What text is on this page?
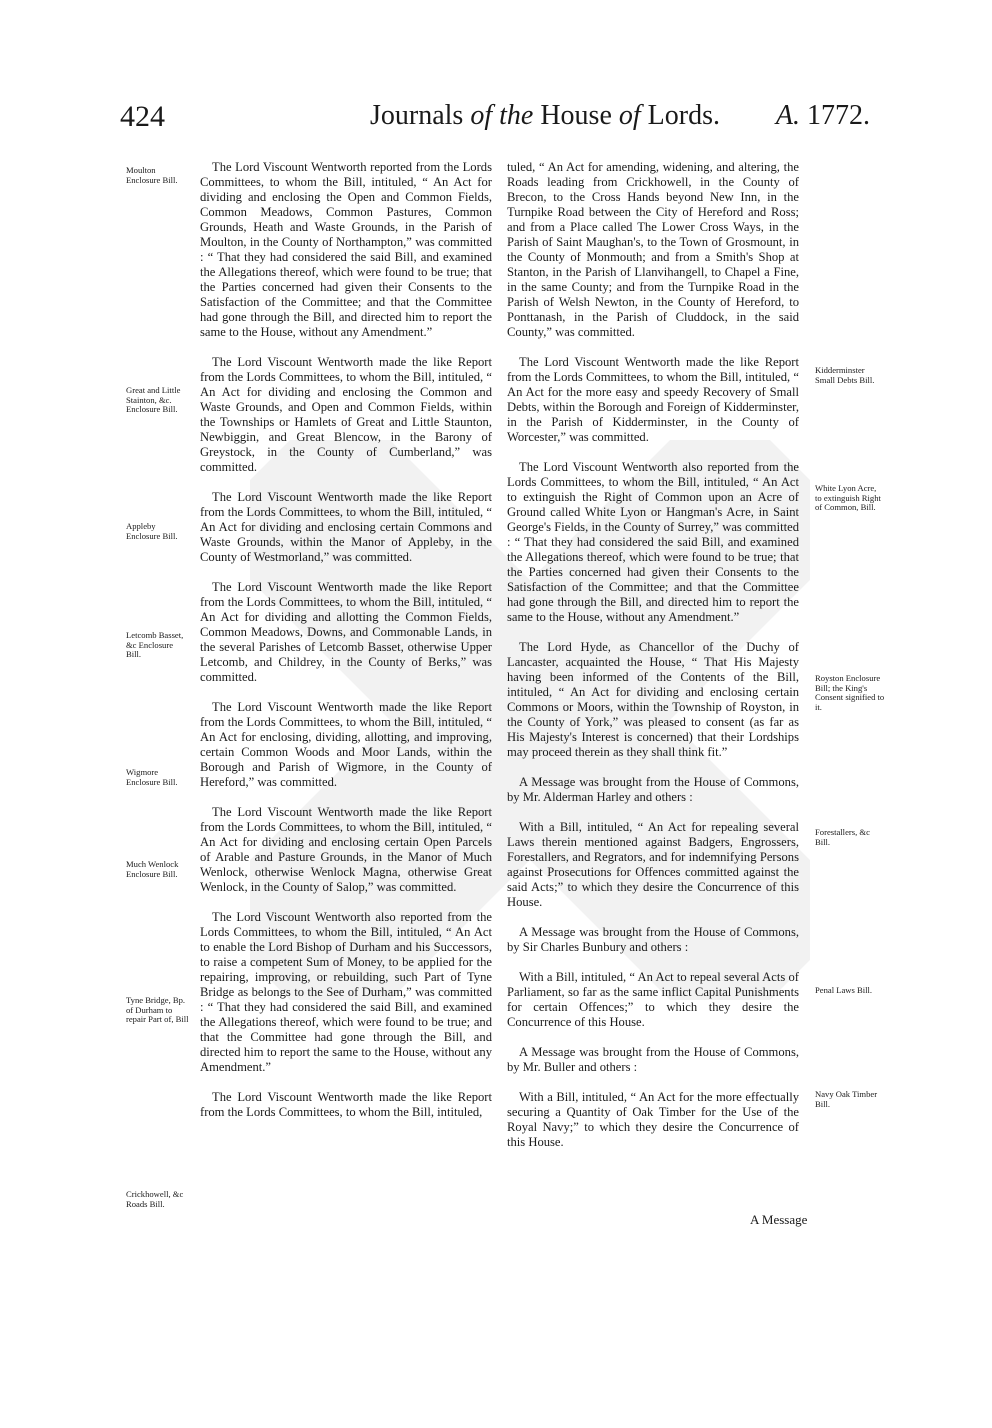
424	Journals of the House of Lords. A. 1772.
Moulton Enclosure Bill.
Great and Little Stainton, &c. Enclosure Bill.
Appleby Enclosure Bill.
Letcomb Basset, &c Enclosure Bill.
Wigmore Enclosure Bill.
Much Wenlock Enclosure Bill.
Tyne Bridge, Bp. of Durham to repair Part of, Bill
Crickhowell, &c Roads Bill.
Kidderminster Small Debts Bill.
White Lyon Acre, to extinguish Right of Common, Bill.
Royston Enclosure Bill; the King's Consent signified to it.
Forestallers, &c Bill.
Penal Laws Bill.
Navy Oak Timber Bill.

The Lord Viscount Wentworth reported from the Lords Committees, to whom the Bill, intituled, “ An Act for dividing and enclosing the Open and Common Fields, Common Meadows, Common Pastures, Common Grounds, Heath and Waste Grounds, in the Parish of Moulton, in the County of Northampton,” was committed : “ That they had considered the said Bill, and examined the Allegations thereof, which were found to be true; that the Parties concerned had given their Consents to the Satisfaction of the Committee; and that the Committee had gone through the Bill, and directed him to report the same to the House, without any Amendment.”

The Lord Viscount Wentworth made the like Report from the Lords Committees, to whom the Bill, intituled, “ An Act for dividing and enclosing the Common and Waste Grounds, and Open and Common Fields, within the Townships or Hamlets of Great and Little Staunton, Newbiggin, and Great Blencow, in the Barony of Greystock, in the County of Cumberland,” was committed.

The Lord Viscount Wentworth made the like Report from the Lords Committees, to whom the Bill, intituled, “ An Act for dividing and enclosing certain Commons and Waste Grounds, within the Manor of Appleby, in the County of Westmorland,” was committed.

The Lord Viscount Wentworth made the like Report from the Lords Committees, to whom the Bill, intituled, “ An Act for dividing and allotting the Common Fields, Common Meadows, Downs, and Commonable Lands, in the several Parishes of Letcomb Basset, otherwise Upper Letcomb, and Childrey, in the County of Berks,” was committed.

The Lord Viscount Wentworth made the like Report from the Lords Committees, to whom the Bill, intituled, “ An Act for enclosing, dividing, allotting, and improving, certain Common Woods and Moor Lands, within the Borough and Parish of Wigmore, in the County of Hereford,” was committed.

The Lord Viscount Wentworth made the like Report from the Lords Committees, to whom the Bill, intituled, “ An Act for dividing and enclosing certain Open Parcels of Arable and Pasture Grounds, in the Manor of Much Wenlock, otherwise Wenlock Magna, otherwise Great Wenlock, in the County of Salop,” was committed.

The Lord Viscount Wentworth also reported from the Lords Committees, to whom the Bill, intituled, “ An Act to enable the Lord Bishop of Durham and his Successors, to raise a competent Sum of Money, to be applied for the repairing, improving, or rebuilding, such Part of Tyne Bridge as belongs to the See of Durham,” was committed : “ That they had considered the said Bill, and examined the Allegations thereof, which were found to be true; and that the Committee had gone through the Bill, and directed him to report the same to the House, without any Amendment.”

The Lord Viscount Wentworth made the like Report from the Lords Committees, to whom the Bill, intituled,

tuled, “ An Act for amending, widening, and altering, the Roads leading from Crickhowell, in the County of Brecon, to the Cross Hands beyond New Inn, in the Turnpike Road between the City of Hereford and Ross; and from a Place called The Lower Cross Ways, in the Parish of Saint Maughan's, to the Town of Grosmount, in the County of Monmouth; and from a Smith's Shop at Stanton, in the Parish of Llanvihangell, to Chapel a Fine, in the same County; and from the Turnpike Road in the Parish of Welsh Newton, in the County of Hereford, to Ponttanash, in the Parish of Cluddock, in the said County,” was committed.

The Lord Viscount Wentworth made the like Report from the Lords Committees, to whom the Bill, intituled, “ An Act for the more easy and speedy Recovery of Small Debts, within the Borough and Foreign of Kidderminster, in the Parish of Kidderminster, in the County of Worcester,” was committed.

The Lord Viscount Wentworth also reported from the Lords Committees, to whom the Bill, intituled, “ An Act to extinguish the Right of Common upon an Acre of Ground called White Lyon or Hangman's Acre, in Saint George's Fields, in the County of Surrey,” was committed : “ That they had considered the said Bill, and examined the Allegations thereof, which were found to be true; that the Parties concerned had given their Consents to the Satisfaction of the Committee; and that the Committee had gone through the Bill, and directed him to report the same to the House, without any Amendment.”

The Lord Hyde, as Chancellor of the Duchy of Lancaster, acquainted the House, “ That His Majesty having been informed of the Contents of the Bill, intituled, “ An Act for dividing and enclosing certain Commons or Moors, within the Township of Royston, in the County of York,” was pleased to consent (as far as His Majesty's Interest is concerned) that their Lordships may proceed therein as they shall think fit.”

A Message was brought from the House of Commons, by Mr. Alderman Harley and others :

With a Bill, intituled, “ An Act for repealing several Laws therein mentioned against Badgers, Engrossers, Forestallers, and Regrators, and for indemnifying Persons against Prosecutions for Offences committed against the said Acts;” to which they desire the Concurrence of this House.

A Message was brought from the House of Commons, by Sir Charles Bunbury and others :

With a Bill, intituled, “ An Act to repeal several Acts of Parliament, so far as the same inflict Capital Punishments for certain Offences;” to which they desire the Concurrence of this House.

A Message was brought from the House of Commons, by Mr. Buller and others :

With a Bill, intituled, “ An Act for the more effectually securing a Quantity of Oak Timber for the Use of the Royal Navy;” to which they desire the Concurrence of this House.

A Message
